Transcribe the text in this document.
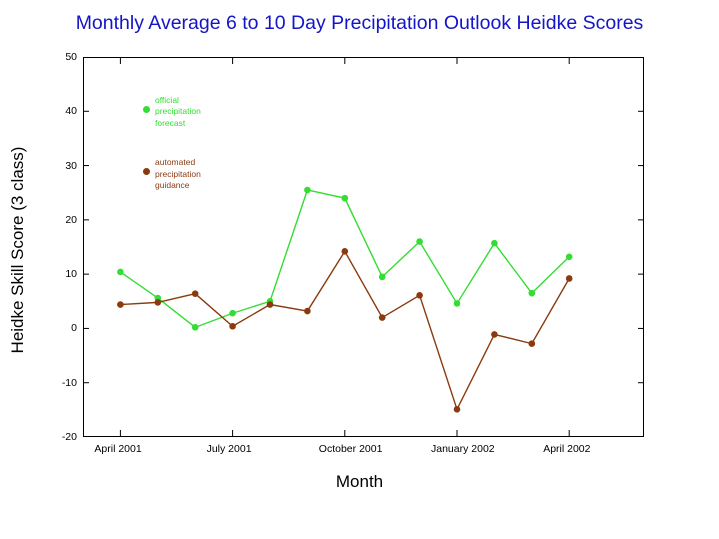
Monthly Average 6 to 10 Day Precipitation Outlook Heidke Scores
Heidke Skill Score (3 class)
Month
-20
-10
0
10
20
30
40
50
April 2001	July 2001	October 2001	January 2002	April 2002
official
precipitation
forecast
automated
precipitation
guidance
